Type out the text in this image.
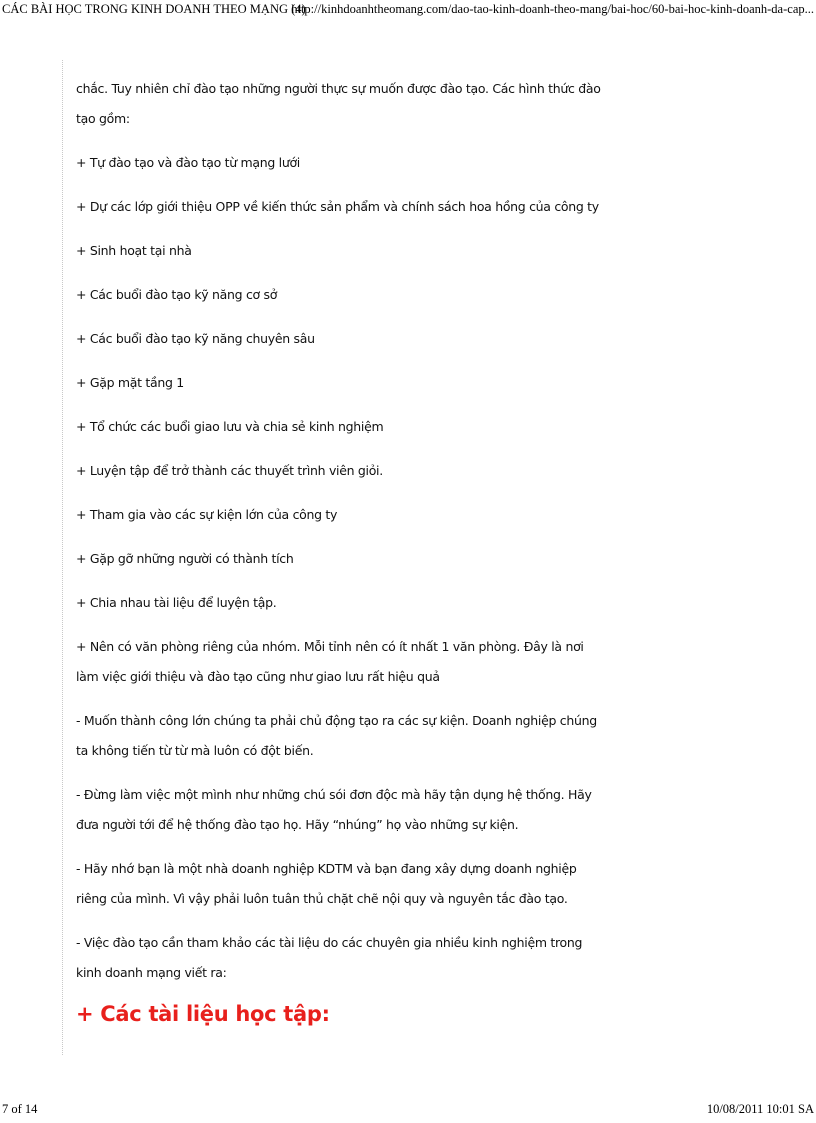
CÁC BÀI HỌC TRONG KINH DOANH THEO MẠNG (4)
http://kinhdoanhtheomang.com/dao-tao-kinh-doanh-theo-mang/bai-hoc/60-bai-hoc-kinh-doanh-da-cap...

chắc. Tuy nhiên chỉ đào tạo những người thực sự muốn được đào tạo. Các hình thức đào tạo gồm:

+ Tự đào tạo và đào tạo từ mạng lưới

+ Dự các lớp giới thiệu OPP về kiến thức sản phẩm và chính sách hoa hồng của công ty

+ Sinh hoạt tại nhà

+ Các buổi đào tạo kỹ năng cơ sở

+ Các buổi đào tạo kỹ năng chuyên sâu

+ Gặp mặt tầng 1

+ Tổ chức các buổi giao lưu và chia sẻ kinh nghiệm

+ Luyện tập để trở thành các thuyết trình viên giỏi.

+ Tham gia vào các sự kiện lớn của công ty

+ Gặp gỡ những người có thành tích

+ Chia nhau tài liệu để luyện tập.

+ Nên có văn phòng riêng của nhóm. Mỗi tỉnh nên có ít nhất 1 văn phòng. Đây là nơi làm việc giới thiệu và đào tạo cũng như giao lưu rất hiệu quả

- Muốn thành công lớn chúng ta phải chủ động tạo ra các sự kiện. Doanh nghiệp chúng ta không tiến từ từ mà luôn có đột biến.

- Đừng làm việc một mình như những chú sói đơn độc mà hãy tận dụng hệ thống. Hãy đưa người tới để hệ thống đào tạo họ. Hãy “nhúng” họ vào những sự kiện.

- Hãy nhớ bạn là một nhà doanh nghiệp KDTM và bạn đang xây dựng doanh nghiệp riêng của mình. Vì vậy phải luôn tuân thủ chặt chẽ nội quy và nguyên tắc đào tạo.

- Việc đào tạo cần tham khảo các tài liệu do các chuyên gia nhiều kinh nghiệm trong kinh doanh mạng viết ra:

+ Các tài liệu học tập:
7 of 14	10/08/2011 10:01 SA
